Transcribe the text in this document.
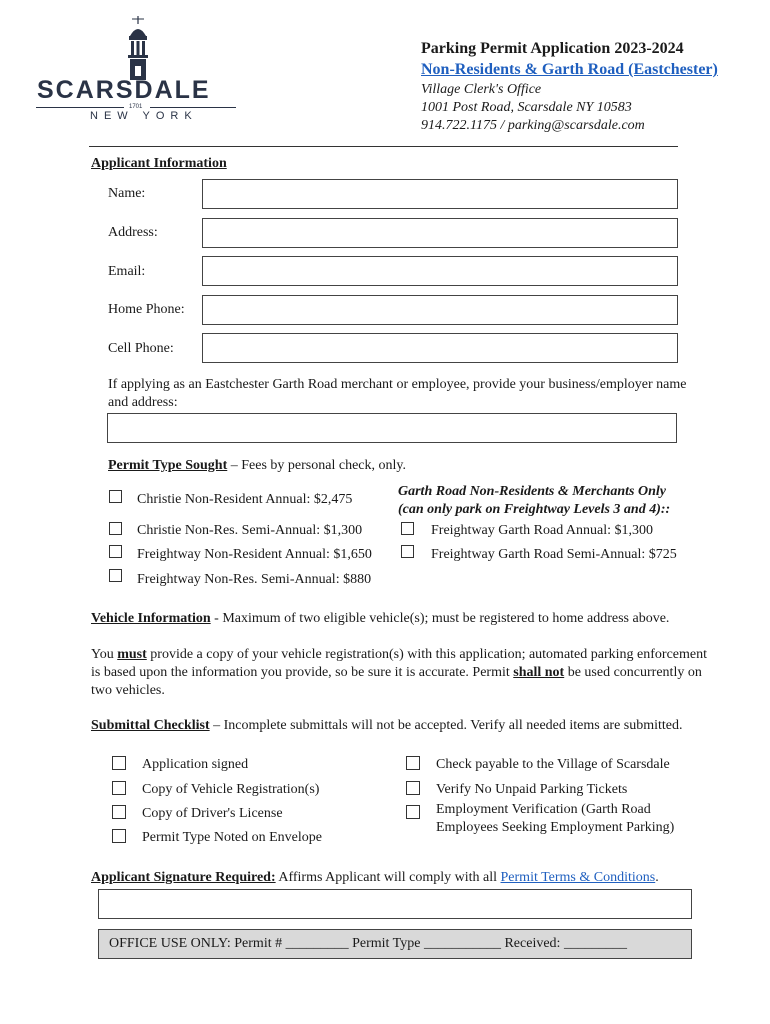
SCARSDALE
1701
NEW YORK
Parking Permit Application 2023-2024
Non-Residents & Garth Road (Eastchester)
Village Clerk's Office
1001 Post Road, Scarsdale NY 10583
914.722.1175 / parking@scarsdale.com
Applicant Information
Name:
Address:
Email:
Home Phone:
Cell Phone:
If applying as an Eastchester Garth Road merchant or employee, provide your business/employer name and address:
Permit Type Sought – Fees by personal check, only.
Christie Non-Resident Annual: $2,475
Christie Non-Res. Semi-Annual: $1,300
Freightway Non-Resident Annual: $1,650
Freightway Non-Res. Semi-Annual: $880
Garth Road Non-Residents & Merchants Only
(can only park on Freightway Levels 3 and 4)::
Freightway Garth Road Annual: $1,300
Freightway Garth Road Semi-Annual: $725
Vehicle Information - Maximum of two eligible vehicle(s); must be registered to home address above.
You must provide a copy of your vehicle registration(s) with this application; automated parking enforcement is based upon the information you provide, so be sure it is accurate. Permit shall not be used concurrently on two vehicles.
Submittal Checklist – Incomplete submittals will not be accepted. Verify all needed items are submitted.
Application signed
Copy of Vehicle Registration(s)
Copy of Driver's License
Permit Type Noted on Envelope
Check payable to the Village of Scarsdale
Verify No Unpaid Parking Tickets
Employment Verification (Garth Road Employees Seeking Employment Parking)
Applicant Signature Required: Affirms Applicant will comply with all Permit Terms & Conditions.
OFFICE USE ONLY: Permit # _________ Permit Type ___________ Received: _________
